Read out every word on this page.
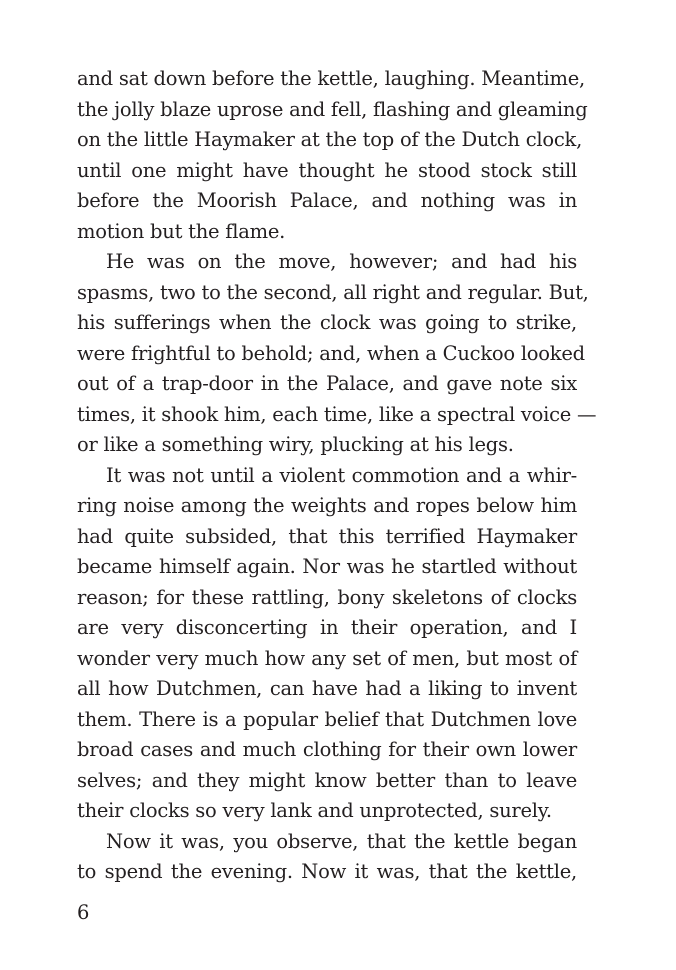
and sat down before the kettle, laughing. Meantime,
the jolly blaze uprose and fell, flashing and gleaming
on the little Haymaker at the top of the Dutch clock,
until one might have thought he stood stock still
before the Moorish Palace, and nothing was in
motion but the flame.
He was on the move, however; and had his
spasms, two to the second, all right and regular. But,
his sufferings when the clock was going to strike,
were frightful to behold; and, when a Cuckoo looked
out of a trap-door in the Palace, and gave note six
times, it shook him, each time, like a spectral voice —
or like a something wiry, plucking at his legs.
It was not until a violent commotion and a whir-
ring noise among the weights and ropes below him
had quite subsided, that this terrified Haymaker
became himself again. Nor was he startled without
reason; for these rattling, bony skeletons of clocks
are very disconcerting in their operation, and I
wonder very much how any set of men, but most of
all how Dutchmen, can have had a liking to invent
them. There is a popular belief that Dutchmen love
broad cases and much clothing for their own lower
selves; and they might know better than to leave
their clocks so very lank and unprotected, surely.
Now it was, you observe, that the kettle began
to spend the evening. Now it was, that the kettle,
6
